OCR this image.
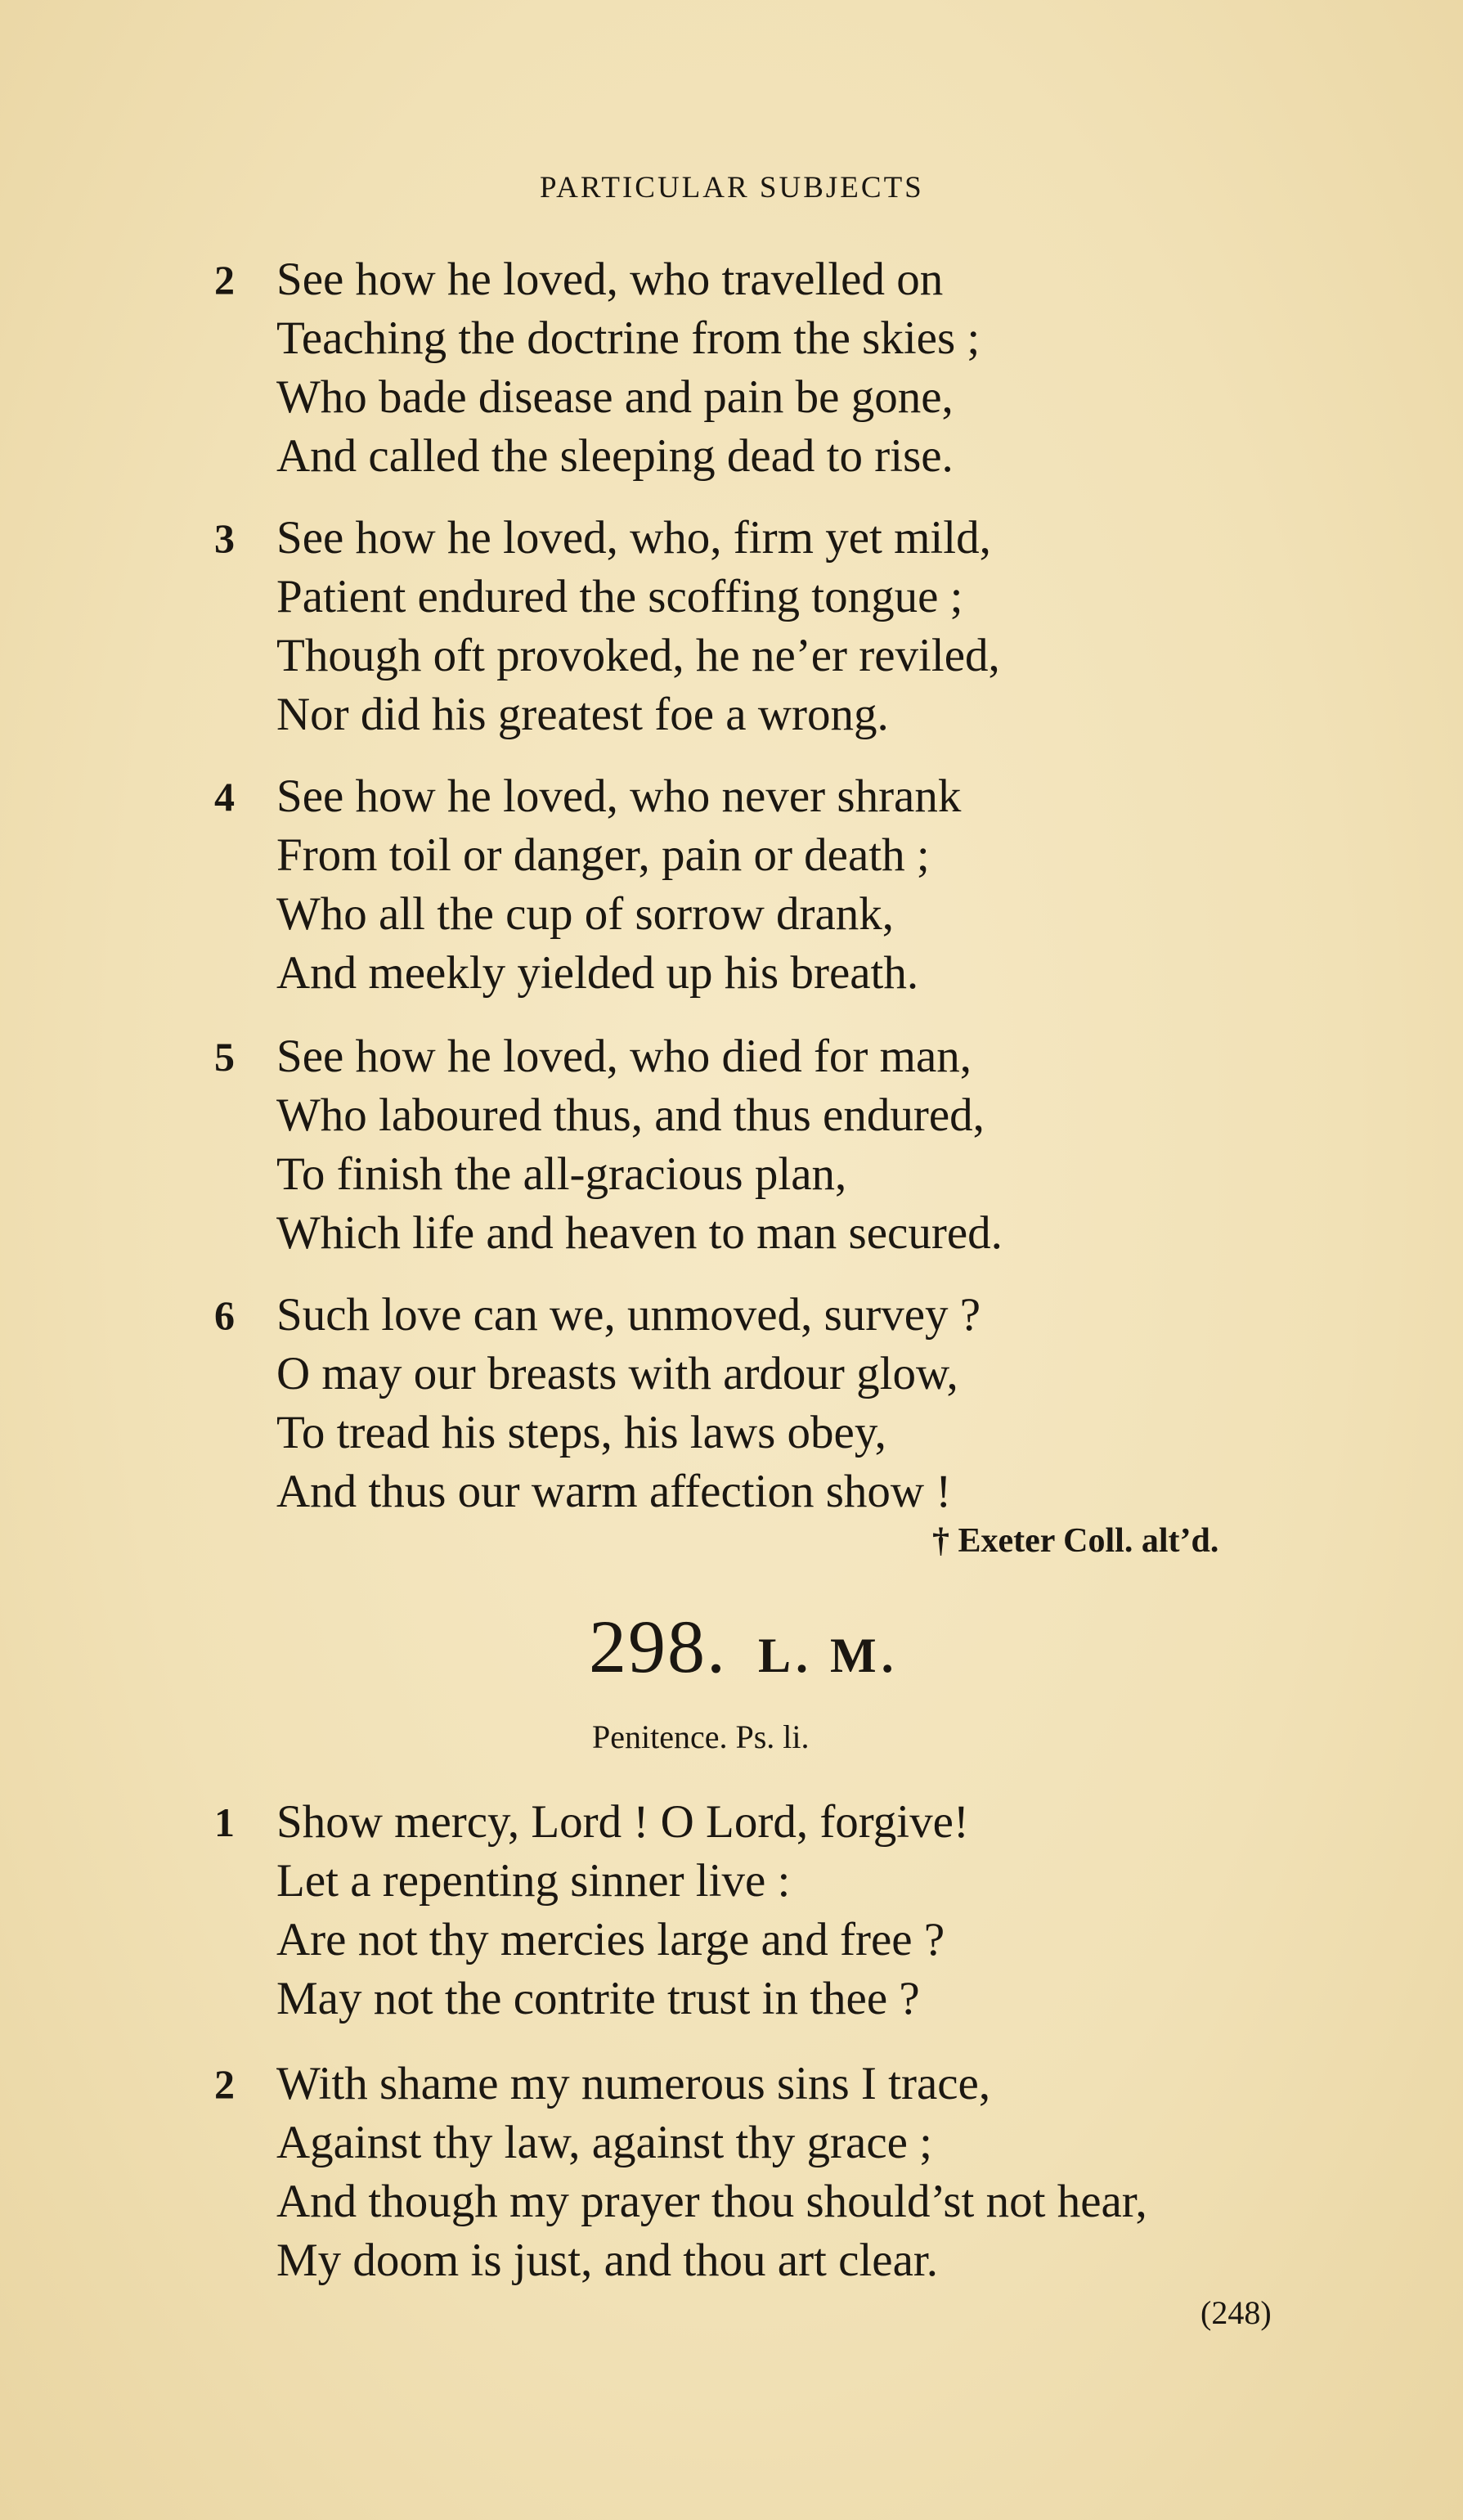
PARTICULAR SUBJECTS
2 See how he loved, who travelled on
Teaching the doctrine from the skies ;
Who bade disease and pain be gone,
And called the sleeping dead to rise.
3 See how he loved, who, firm yet mild,
Patient endured the scoffing tongue ;
Though oft provoked, he ne’er reviled,
Nor did his greatest foe a wrong.
4 See how he loved, who never shrank
From toil or danger, pain or death ;
Who all the cup of sorrow drank,
And meekly yielded up his breath.
5 See how he loved, who died for man,
Who laboured thus, and thus endured,
To finish the all-gracious plan,
Which life and heaven to man secured.
6 Such love can we, unmoved, survey ?
O may our breasts with ardour glow,
To tread his steps, his laws obey,
And thus our warm affection show !
† Exeter Coll. alt’d.
298. L. M.
Penitence. Ps. li.
1 Show mercy, Lord ! O Lord, forgive!
Let a repenting sinner live :
Are not thy mercies large and free ?
May not the contrite trust in thee ?
2 With shame my numerous sins I trace,
Against thy law, against thy grace ;
And though my prayer thou should’st not hear,
My doom is just, and thou art clear.
(248)
